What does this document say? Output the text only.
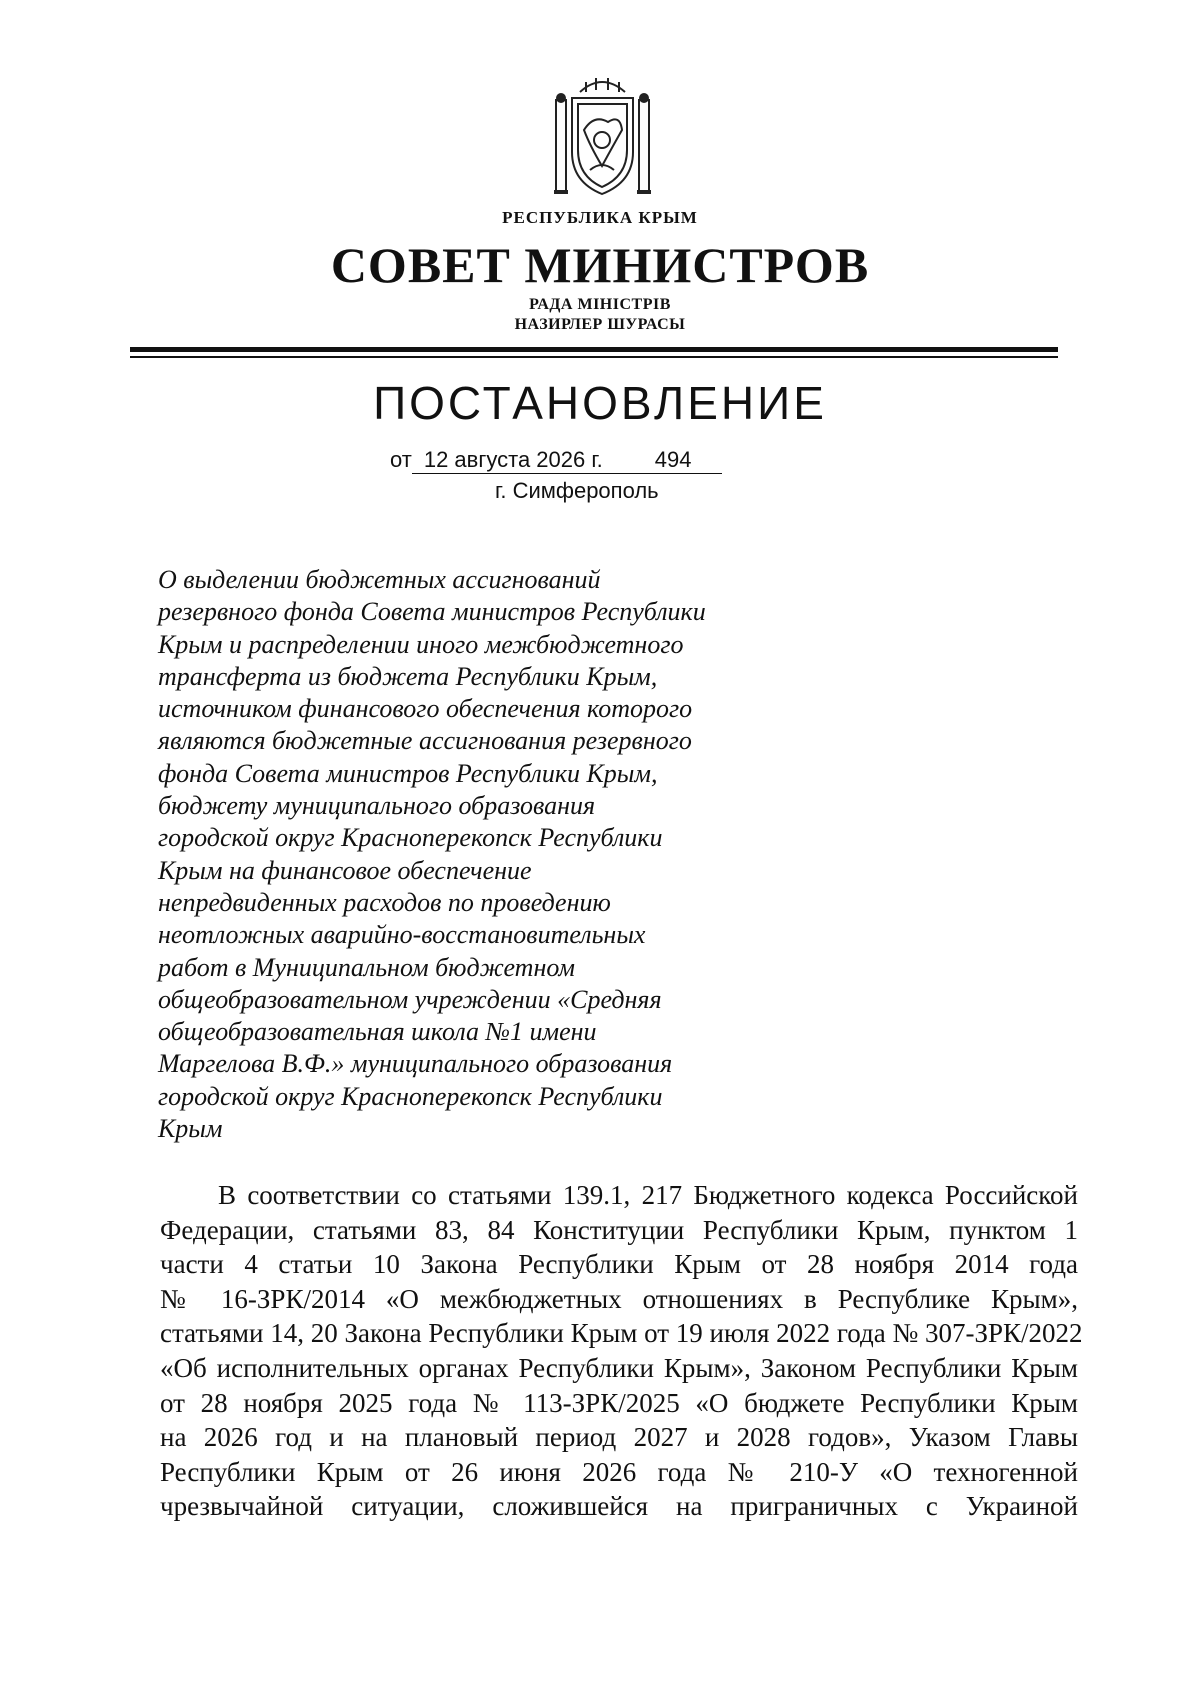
РЕСПУБЛИКА КРЫМ
СОВЕТ МИНИСТРОВ
РАДА МІНІСТРІВ
НАЗИРЛЕР ШУРАСЫ
ПОСТАНОВЛЕНИЕ
от 12 августа 2026 г. 494
г. Симферополь

О выделении бюджетных ассигнований
резервного фонда Совета министров Республики
Крым и распределении иного межбюджетного
трансферта из бюджета Республики Крым,
источником финансового обеспечения которого
являются бюджетные ассигнования резервного
фонда Совета министров Республики Крым,
бюджету муниципального образования
городской округ Красноперекопск Республики
Крым на финансовое обеспечение
непредвиденных расходов по проведению
неотложных аварийно-восстановительных
работ в Муниципальном бюджетном
общеобразовательном учреждении «Средняя
общеобразовательная школа №1 имени
Маргелова В.Ф.» муниципального образования
городской округ Красноперекопск Республики
Крым

В соответствии со статьями 139.1, 217 Бюджетного кодекса Российской
Федерации, статьями 83, 84 Конституции Республики Крым, пунктом 1
части 4 статьи 10 Закона Республики Крым от 28 ноября 2014 года
№ 16-ЗРК/2014 «О межбюджетных отношениях в Республике Крым»,
статьями 14, 20 Закона Республики Крым от 19 июля 2022 года № 307-ЗРК/2022
«Об исполнительных органах Республики Крым», Законом Республики Крым
от 28 ноября 2025 года № 113-ЗРК/2025 «О бюджете Республики Крым
на 2026 год и на плановый период 2027 и 2028 годов», Указом Главы
Республики Крым от 26 июня 2026 года № 210-У «О техногенной
чрезвычайной ситуации, сложившейся на приграничных с Украиной
